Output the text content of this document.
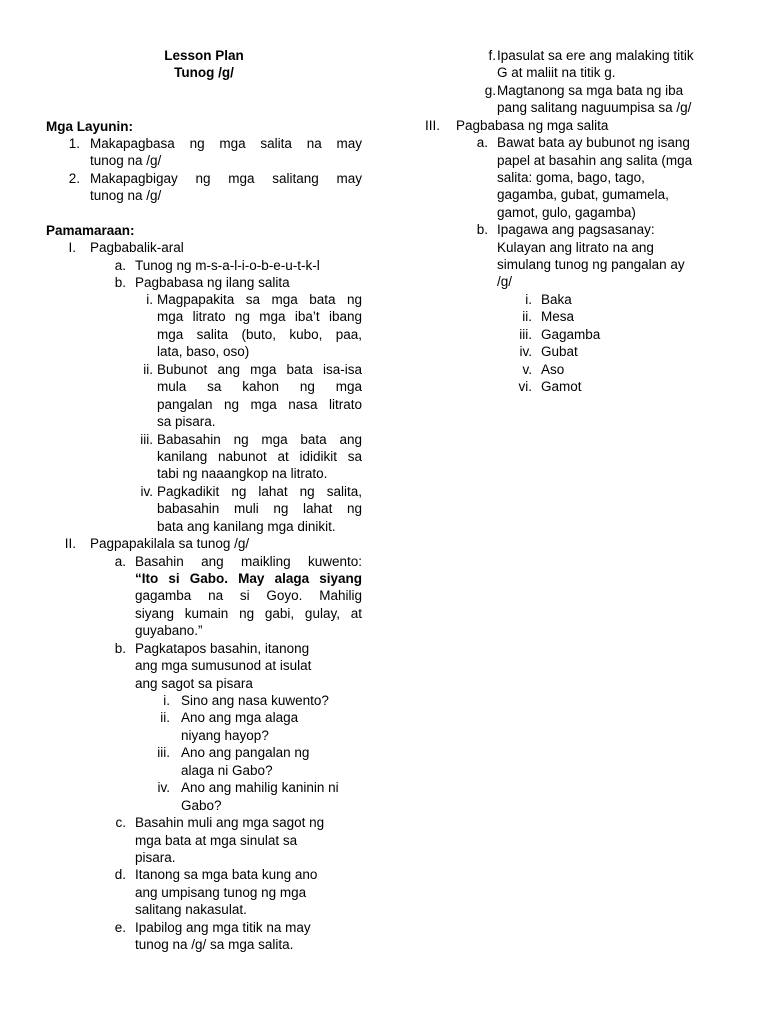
Lesson Plan
Tunog /g/
Mga Layunin:
1. Makapagbasa ng mga salita na may
tunog na /g/
2. Makapagbigay ng mga salitang may
tunog na /g/
Pamamaraan:
I. Pagbabalik-aral
a. Tunog ng m-s-a-l-i-o-b-e-u-t-k-l
b. Pagbabasa ng ilang salita
i. Magpapakita sa mga bata ng
mga litrato ng mga iba’t ibang
mga salita (buto, kubo, paa,
lata, baso, oso)
ii. Bubunot ang mga bata isa-isa
mula sa kahon ng mga
pangalan ng mga nasa litrato
sa pisara.
iii. Babasahin ng mga bata ang
kanilang nabunot at ididikit sa
tabi ng naaangkop na litrato.
iv. Pagkadikit ng lahat ng salita,
babasahin muli ng lahat ng
bata ang kanilang mga dinikit.
II. Pagpapakilala sa tunog /g/
a. Basahin ang maikling kuwento:
“Ito si Gabo. May alaga siyang
gagamba na si Goyo. Mahilig
siyang kumain ng gabi, gulay, at
guyabano.”
b. Pagkatapos basahin, itanong
ang mga sumusunod at isulat
ang sagot sa pisara
i. Sino ang nasa kuwento?
ii. Ano ang mga alaga
niyang hayop?
iii. Ano ang pangalan ng
alaga ni Gabo?
iv. Ano ang mahilig kaninin ni
Gabo?
c. Basahin muli ang mga sagot ng
mga bata at mga sinulat sa
pisara.
d. Itanong sa mga bata kung ano
ang umpisang tunog ng mga
salitang nakasulat.
e. Ipabilog ang mga titik na may
tunog na /g/ sa mga salita.
f. Ipasulat sa ere ang malaking titik
G at maliit na titik g.
g. Magtanong sa mga bata ng iba
pang salitang naguumpisa sa /g/
III. Pagbabasa ng mga salita
a. Bawat bata ay bubunot ng isang
papel at basahin ang salita (mga
salita: goma, bago, tago,
gagamba, gubat, gumamela,
gamot, gulo, gagamba)
b. Ipagawa ang pagsasanay:
Kulayan ang litrato na ang
simulang tunog ng pangalan ay
/g/
i. Baka
ii. Mesa
iii. Gagamba
iv. Gubat
v. Aso
vi. Gamot
